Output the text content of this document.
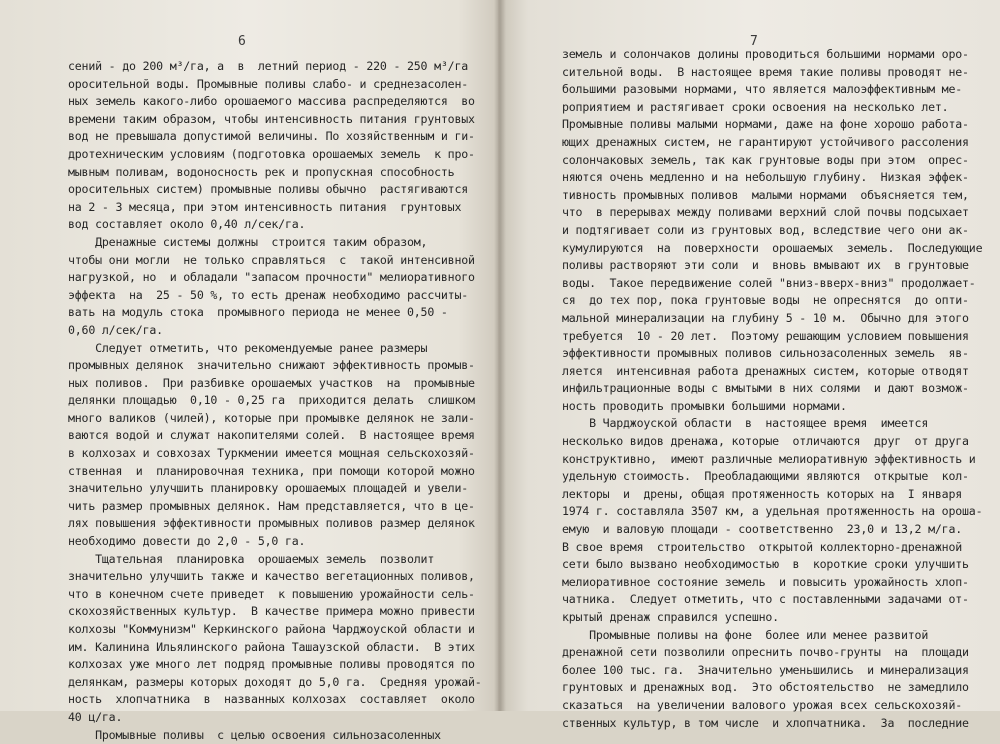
6
сений - до 200 м³/га, а  в  летний период - 220 - 250 м³/га
оросительной воды. Промывные поливы слабо- и среднезасолен-
ных земель какого-либо орошаемого массива распределяются  во
времени таким образом, чтобы интенсивность питания грунтовых
вод не превышала допустимой величины. По хозяйственным и ги-
дротехническим условиям (подготовка орошаемых земель  к про-
мывным поливам, водоносность рек и пропускная способность
оросительных систем) промывные поливы обычно  растягиваются
на 2 - 3 месяца, при этом интенсивность питания  грунтовых
вод составляет около 0,40 л/сек/га.
Дренажные системы должны  строится таким образом,
чтобы они могли  не только справляться  с  такой интенсивной
нагрузкой, но  и обладали "запасом прочности" мелиоративного
эффекта  на  25 - 50 %, то есть дренаж необходимо рассчиты-
вать на модуль стока  промывного периода не менее 0,50 -
0,60 л/сек/га.
Следует отметить, что рекомендуемые ранее размеры
промывных делянок  значительно снижают эффективность промыв-
ных поливов.  При разбивке орошаемых участков  на  промывные
делянки площадью  0,10 - 0,25 га  приходится делать  слишком
много валиков (чилей), которые при промывке делянок не зали-
ваются водой и служат накопителями солей.  В настоящее время
в колхозах и совхозах Туркмении имеется мощная сельскохозяй-
ственная  и  планировочная техника, при помощи которой можно
значительно улучшить планировку орошаемых площадей и увели-
чить размер промывных делянок. Нам представляется, что в це-
лях повышения эффективности промывных поливов размер делянок
необходимо довести до 2,0 - 5,0 га.
Тщательная  планировка  орошаемых земель  позволит
значительно улучшить также и качество вегетационных поливов,
что в конечном счете приведет  к повышению урожайности сель-
скохозяйственных культур.  В качестве примера можно привести
колхозы "Коммунизм" Керкинского района Чарджоуской области и
им. Калинина Ильялинского района Ташаузской области.  В этих
колхозах уже много лет подряд промывные поливы проводятся по
делянкам, размеры которых доходят до 5,0 га.  Средняя урожай-
ность  хлопчатника  в  названных колхозах  составляет  около
40 ц/га.
Промывные поливы  с целью освоения сильнозасоленных
7
земель и солончаков долины проводиться большими нормами оро-
сительной воды.  В настоящее время такие поливы проводят не-
большими разовыми нормами, что является малоэффективным ме-
роприятием и растягивает сроки освоения на несколько лет.
Промывные поливы малыми нормами, даже на фоне хорошо работа-
ющих дренажных систем, не гарантируют устойчивого рассоления
солончаковых земель, так как грунтовые воды при этом  опрес-
няются очень медленно и на небольшую глубину.  Низкая эффек-
тивность промывных поливов  малыми нормами  объясняется тем,
что  в перерывах между поливами верхний слой почвы подсыхает
и подтягивает соли из грунтовых вод, вследствие чего они ак-
кумулируются  на  поверхности  орошаемых  земель.  Последующие
поливы растворяют эти соли  и  вновь вмывают их  в грунтовые
воды.  Такое передвижение солей "вниз-вверх-вниз" продолжает-
ся  до тех пор, пока грунтовые воды  не опреснятся  до опти-
мальной минерализации на глубину 5 - 10 м.  Обычно для этого
требуется  10 - 20 лет.  Поэтому решающим условием повышения
эффективности промывных поливов сильнозасоленных земель  яв-
ляется  интенсивная работа дренажных систем, которые отводят
инфильтрационные воды с вмытыми в них солями  и дают возмож-
ность проводить промывки большими нормами.
В Чарджоуской области  в  настоящее время  имеется
несколько видов дренажа, которые  отличаются  друг  от друга
конструктивно,  имеют различные мелиоративную эффективность и
удельную стоимость.  Преобладающими являются  открытые  кол-
лекторы  и  дрены, общая протяженность которых на  I января
1974 г. составляла 3507 км, а удельная протяженность на ороша-
емую  и валовую площади - соответственно  23,0 и 13,2 м/га.
В свое время  строительство  открытой коллекторно-дренажной
сети было вызвано необходимостью  в  короткие сроки улучшить
мелиоративное состояние земель  и повысить урожайность хлоп-
чатника.  Следует отметить, что с поставленными задачами от-
крытый дренаж справился успешно.
Промывные поливы на фоне  более или менее развитой
дренажной сети позволили опреснить почво-грунты  на  площади
более 100 тыс. га.  Значительно уменьшились  и минерализация
грунтовых и дренажных вод.  Это обстоятельство  не замедлило
сказаться  на увеличении валового урожая всех сельскохозяй-
ственных культур, в том числе  и хлопчатника.  За  последние
